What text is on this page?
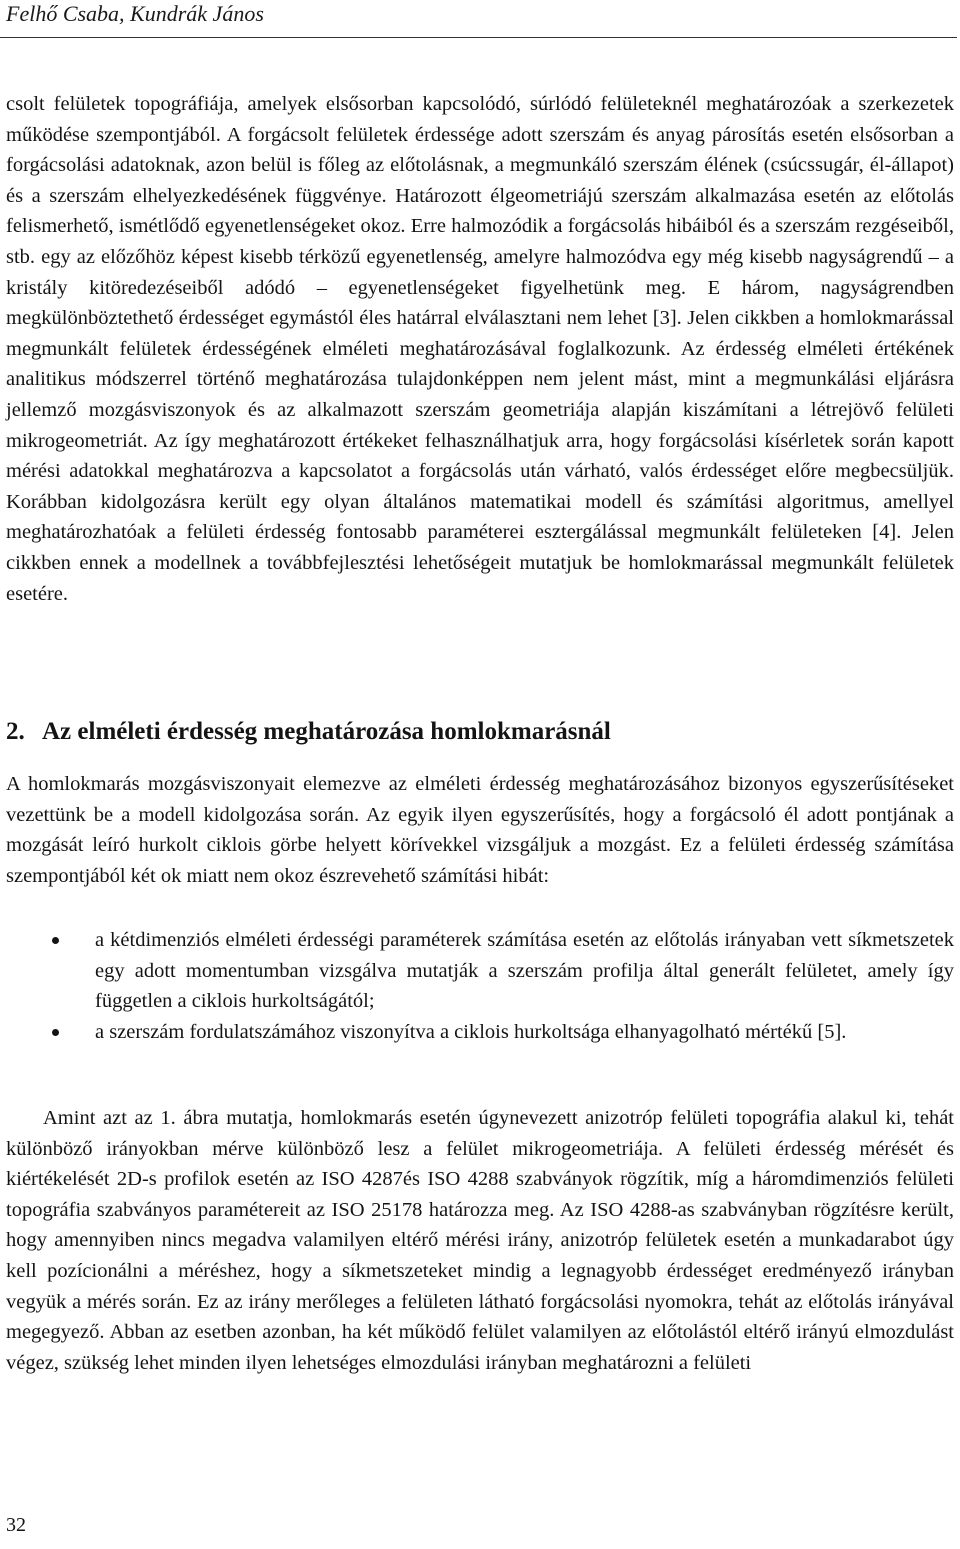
Felhő Csaba, Kundrák János

csolt felületek topográfiája, amelyek elsősorban kapcsolódó, súrlódó felületeknél meghatározóak a szerkezetek működése szempontjából. A forgácsolt felületek érdessége adott szerszám és anyag párosítás esetén elsősorban a forgácsolási adatoknak, azon belül is főleg az előtolásnak, a megmunkáló szerszám élének (csúcssugár, él-állapot) és a szerszám elhelyezkedésének függvénye. Határozott élgeometriájú szerszám alkalmazása esetén az előtolás felismerhető, ismétlődő egyenetlenségeket okoz. Erre halmozódik a forgácsolás hibáiból és a szerszám rezgéseiből, stb. egy az előzőhöz képest kisebb térközű egyenetlenség, amelyre halmozódva egy még kisebb nagyságrendű – a kristály kitöredezéseiből adódó – egyenetlenségeket figyelhetünk meg. E három, nagyságrendben megkülönböztethető érdességet egymástól éles határral elválasztani nem lehet [3]. Jelen cikkben a homlokmarással megmunkált felületek érdességének elméleti meghatározásával foglalkozunk. Az érdesség elméleti értékének analitikus módszerrel történő meghatározása tulajdonképpen nem jelent mást, mint a megmunkálási eljárásra jellemző mozgásviszonyok és az alkalmazott szerszám geometriája alapján kiszámítani a létrejövő felületi mikrogeometriát. Az így meghatározott értékeket felhasználhatjuk arra, hogy forgácsolási kísérletek során kapott mérési adatokkal meghatározva a kapcsolatot a forgácsolás után várható, valós érdességet előre megbecsüljük. Korábban kidolgozásra került egy olyan általános matematikai modell és számítási algoritmus, amellyel meghatározhatóak a felületi érdesség fontosabb paraméterei esztergálással megmunkált felületeken [4]. Jelen cikkben ennek a modellnek a továbbfejlesztési lehetőségeit mutatjuk be homlokmarással megmunkált felületek esetére.

2. Az elméleti érdesség meghatározása homlokmarásnál

A homlokmarás mozgásviszonyait elemezve az elméleti érdesség meghatározásához bizonyos egyszerűsítéseket vezettünk be a modell kidolgozása során. Az egyik ilyen egyszerűsítés, hogy a forgácsoló él adott pontjának a mozgását leíró hurkolt ciklois görbe helyett körívekkel vizsgáljuk a mozgást. Ez a felületi érdesség számítása szempontjából két ok miatt nem okoz észrevehető számítási hibát:

a kétdimenziós elméleti érdességi paraméterek számítása esetén az előtolás irányaban vett síkmetszetek egy adott momentumban vizsgálva mutatják a szerszám profilja által generált felületet, amely így független a ciklois hurkoltságától;
a szerszám fordulatszámához viszonyítva a ciklois hurkoltsága elhanyagolható mértékű [5].

Amint azt az 1. ábra mutatja, homlokmarás esetén úgynevezett anizotróp felületi topográfia alakul ki, tehát különböző irányokban mérve különböző lesz a felület mikrogeometriája. A felületi érdesség mérését és kiértékelését 2D-s profilok esetén az ISO 4287és ISO 4288 szabványok rögzítik, míg a háromdimenziós felületi topográfia szabványos paramétereit az ISO 25178 határozza meg. Az ISO 4288-as szabványban rögzítésre került, hogy amennyiben nincs megadva valamilyen eltérő mérési irány, anizotróp felületek esetén a munkadarabot úgy kell pozícionálni a méréshez, hogy a síkmetszeteket mindig a legnagyobb érdességet eredményező irányban vegyük a mérés során. Ez az irány merőleges a felületen látható forgácsolási nyomokra, tehát az előtolás irányával megegyező. Abban az esetben azonban, ha két működő felület valamilyen az előtolástól eltérő irányú elmozdulást végez, szükség lehet minden ilyen lehetséges elmozdulási irányban meghatározni a felületi

32
